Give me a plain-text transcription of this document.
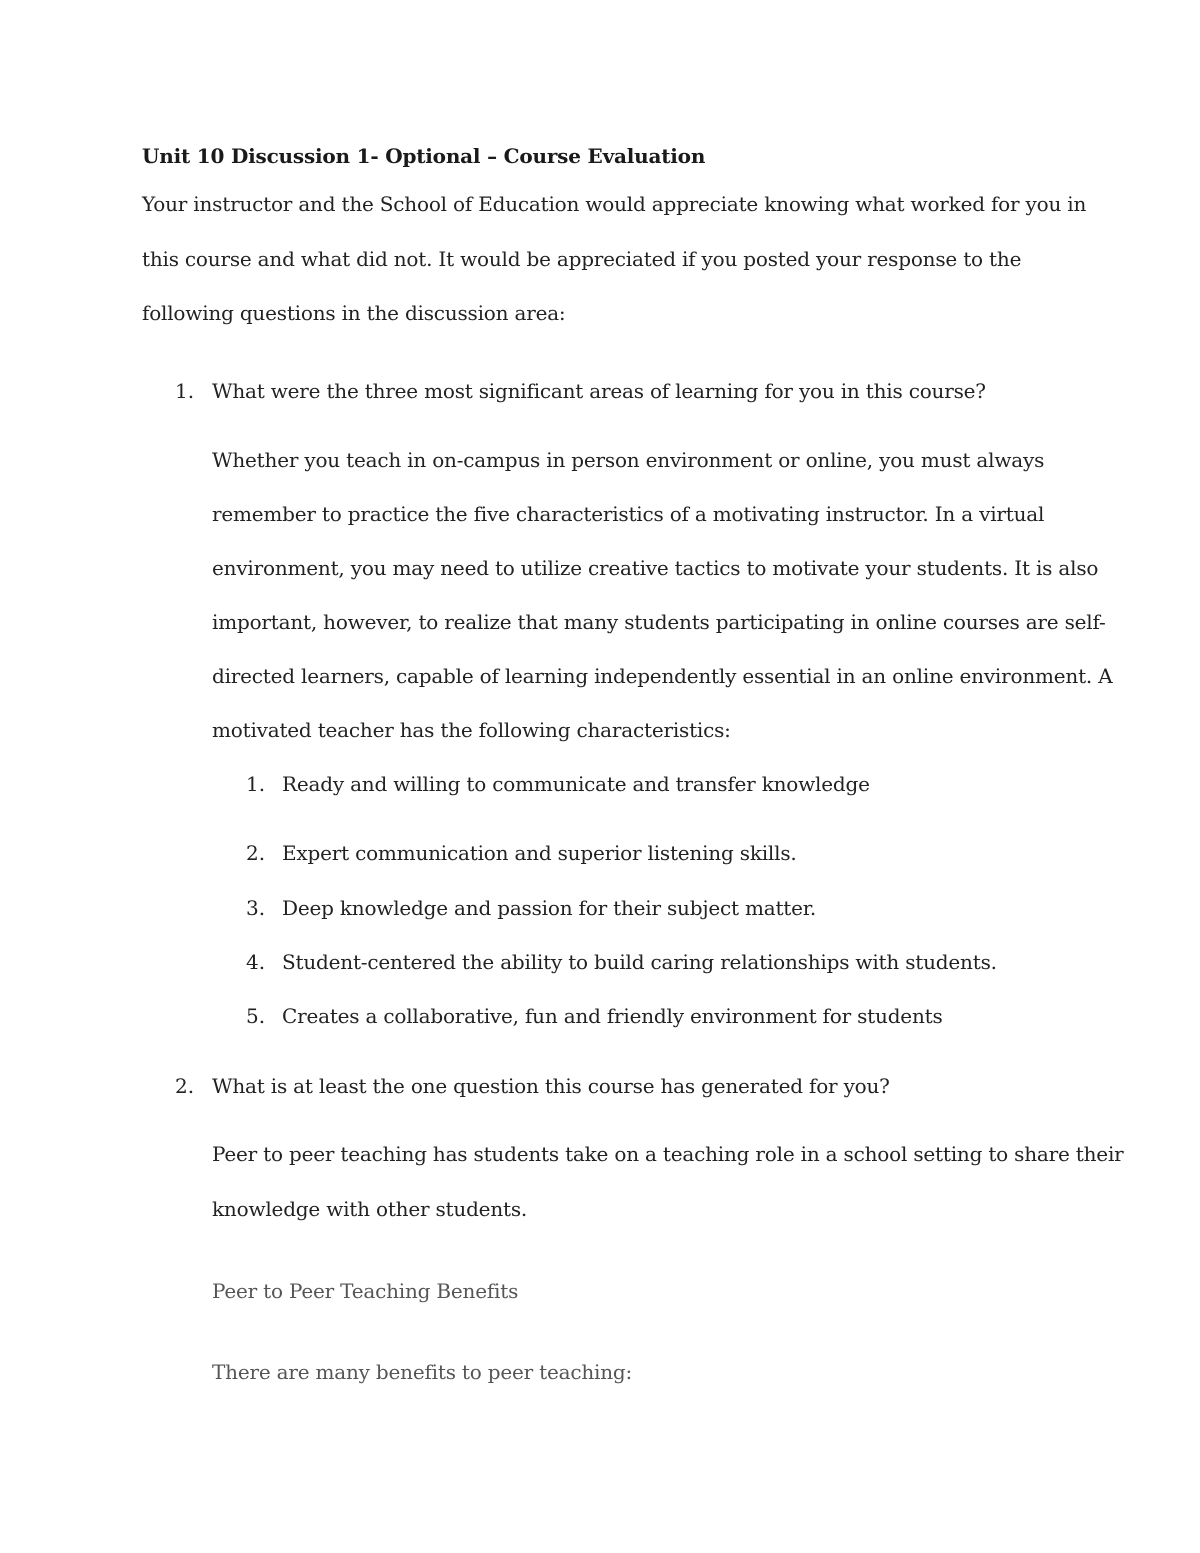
Unit 10 Discussion 1- Optional – Course Evaluation
Your instructor and the School of Education would appreciate knowing what worked for you in
this course and what did not. It would be appreciated if you posted your response to the
following questions in the discussion area:
1. What were the three most significant areas of learning for you in this course?
Whether you teach in on-campus in person environment or online, you must always
remember to practice the five characteristics of a motivating instructor. In a virtual
environment, you may need to utilize creative tactics to motivate your students. It is also
important, however, to realize that many students participating in online courses are self-
directed learners, capable of learning independently essential in an online environment. A
motivated teacher has the following characteristics:
1. Ready and willing to communicate and transfer knowledge
2. Expert communication and superior listening skills.
3. Deep knowledge and passion for their subject matter.
4. Student-centered the ability to build caring relationships with students.
5. Creates a collaborative, fun and friendly environment for students
2. What is at least the one question this course has generated for you?
Peer to peer teaching has students take on a teaching role in a school setting to share their
knowledge with other students.
Peer to Peer Teaching Benefits
There are many benefits to peer teaching:
